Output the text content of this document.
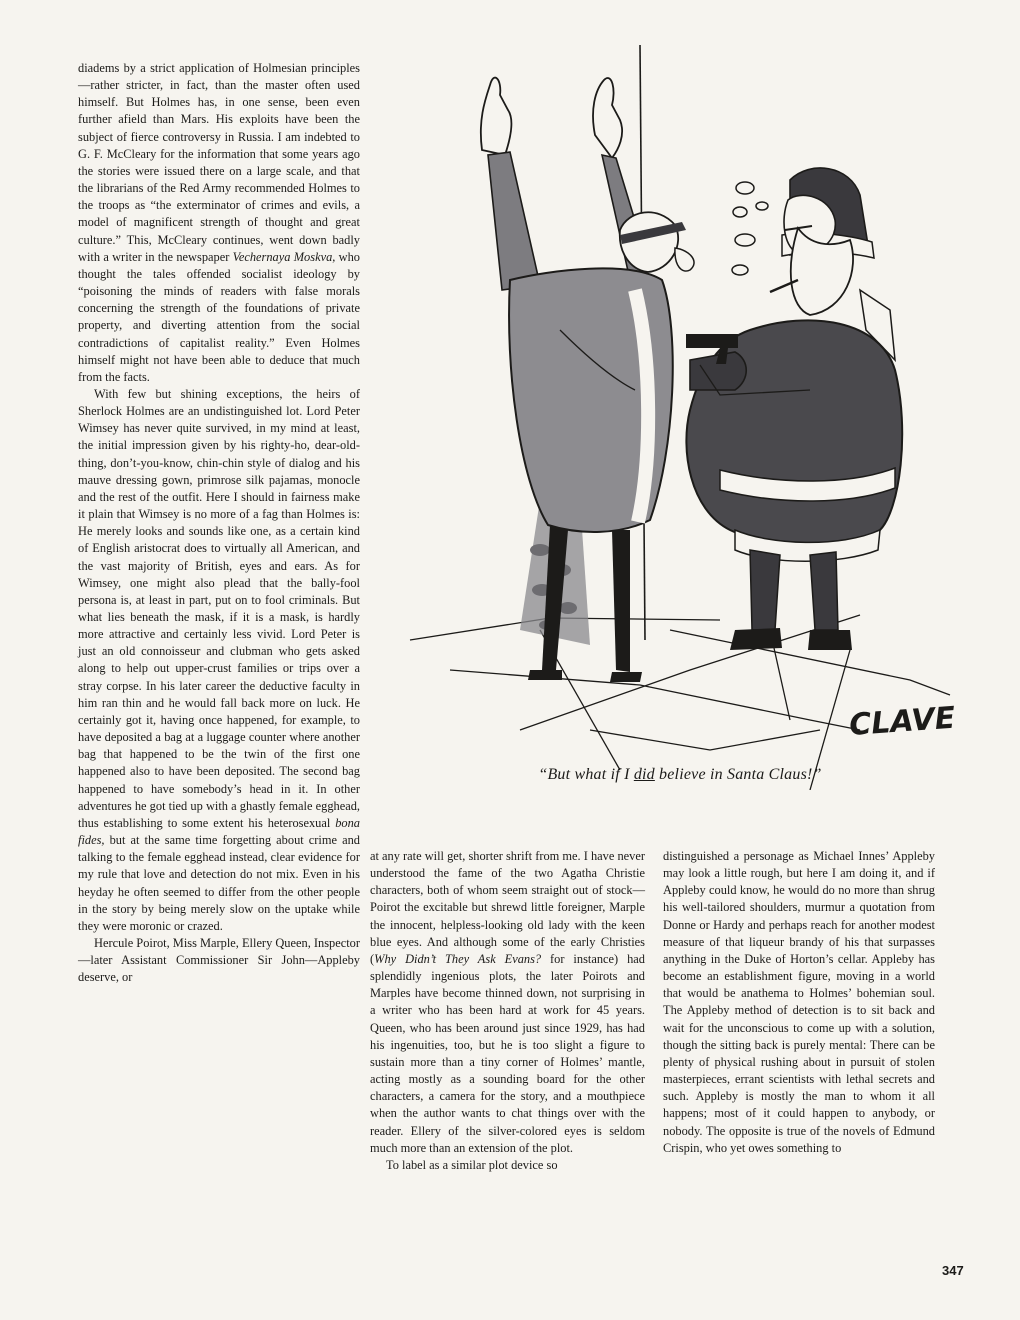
diadems by a strict application of Holmesian principles—rather stricter, in fact, than the master often used himself. But Holmes has, in one sense, been even further afield than Mars. His exploits have been the subject of fierce controversy in Russia. I am indebted to G. F. McCleary for the information that some years ago the stories were issued there on a large scale, and that the librarians of the Red Army recommended Holmes to the troops as “the exterminator of crimes and evils, a model of magnificent strength of thought and great culture.” This, McCleary continues, went down badly with a writer in the newspaper Vechernaya Moskva, who thought the tales offended socialist ideology by “poisoning the minds of readers with false morals concerning the strength of the foundations of private property, and diverting attention from the social contradictions of capitalist reality.” Even Holmes himself might not have been able to deduce that much from the facts.

With few but shining exceptions, the heirs of Sherlock Holmes are an undistinguished lot. Lord Peter Wimsey has never quite survived, in my mind at least, the initial impression given by his righty-ho, dear-old-thing, don’t-you-know, chin-chin style of dialog and his mauve dressing gown, primrose silk pajamas, monocle and the rest of the outfit. Here I should in fairness make it plain that Wimsey is no more of a fag than Holmes is: He merely looks and sounds like one, as a certain kind of English aristocrat does to virtually all American, and the vast majority of British, eyes and ears. As for Wimsey, one might also plead that the bally-fool persona is, at least in part, put on to fool criminals. But what lies beneath the mask, if it is a mask, is hardly more attractive and certainly less vivid. Lord Peter is just an old connoisseur and clubman who gets asked along to help out upper-crust families or trips over a stray corpse. In his later career the deductive faculty in him ran thin and he would fall back more on luck. He certainly got it, having once happened, for example, to have deposited a bag at a luggage counter where another bag that happened to be the twin of the first one happened also to have been deposited. The second bag happened to have somebody’s head in it. In other adventures he got tied up with a ghastly female egghead, thus establishing to some extent his heterosexual bona fides, but at the same time forgetting about crime and talking to the female egghead instead, clear evidence for my rule that love and detection do not mix. Even in his heyday he often seemed to differ from the other people in the story by being merely slow on the uptake while they were moronic or crazed.

Hercule Poirot, Miss Marple, Ellery Queen, Inspector—later Assistant Commissioner Sir John—Appleby deserve, or

CLAVE
“But what if I did believe in Santa Claus!”

at any rate will get, shorter shrift from me. I have never understood the fame of the two Agatha Christie characters, both of whom seem straight out of stock—Poirot the excitable but shrewd little foreigner, Marple the innocent, helpless-looking old lady with the keen blue eyes. And although some of the early Christies (Why Didn’t They Ask Evans? for instance) had splendidly ingenious plots, the later Poirots and Marples have become thinned down, not surprising in a writer who has been hard at work for 45 years. Queen, who has been around just since 1929, has had his ingenuities, too, but he is too slight a figure to sustain more than a tiny corner of Holmes’ mantle, acting mostly as a sounding board for the other characters, a camera for the story, and a mouthpiece when the author wants to chat things over with the reader. Ellery of the silver-colored eyes is seldom much more than an extension of the plot.

To label as a similar plot device so

distinguished a personage as Michael Innes’ Appleby may look a little rough, but here I am doing it, and if Appleby could know, he would do no more than shrug his well-tailored shoulders, murmur a quotation from Donne or Hardy and perhaps reach for another modest measure of that liqueur brandy of his that surpasses anything in the Duke of Horton’s cellar. Appleby has become an establishment figure, moving in a world that would be anathema to Holmes’ bohemian soul. The Appleby method of detection is to sit back and wait for the unconscious to come up with a solution, though the sitting back is purely mental: There can be plenty of physical rushing about in pursuit of stolen masterpieces, errant scientists with lethal secrets and such. Appleby is mostly the man to whom it all happens; most of it could happen to anybody, or nobody. The opposite is true of the novels of Edmund Crispin, who yet owes something to

347
